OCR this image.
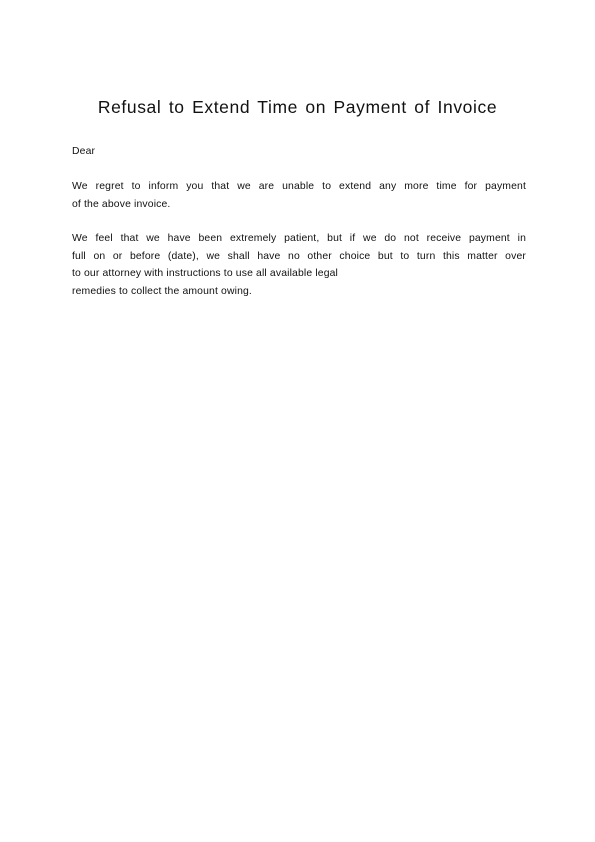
Refusal to Extend Time on Payment of Invoice

Dear

We regret to inform you that we are unable to extend any more time for payment
of the above invoice.

We feel that we have been extremely patient, but if we do not receive payment in
full on or before (date), we shall have no other choice but to turn this matter over
to our attorney with instructions to use all available legal
remedies to collect the amount owing.
